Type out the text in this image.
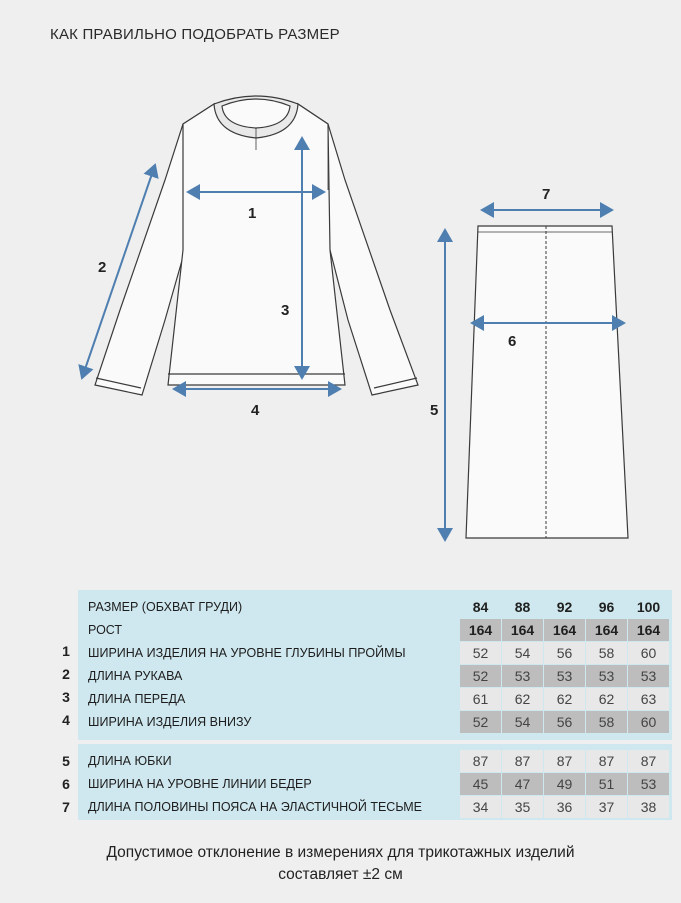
КАК ПРАВИЛЬНО ПОДОБРАТЬ РАЗМЕР
1
2
3
4	5
6
7
РАЗМЕР (ОБХВАТ ГРУДИ)	84	88	92	96	100
РОСТ	164	164	164	164	164
ШИРИНА ИЗДЕЛИЯ НА УРОВНЕ ГЛУБИНЫ ПРОЙМЫ	52	54	56	58	60
ДЛИНА РУКАВА	52	53	53	53	53
ДЛИНА ПЕРЕДА	61	62	62	62	63
ШИРИНА ИЗДЕЛИЯ ВНИЗУ	52	54	56	58	60
1
2
3
4
ДЛИНА ЮБКИ	87	87	87	87	87
ШИРИНА НА УРОВНЕ ЛИНИИ БЕДЕР	45	47	49	51	53
ДЛИНА ПОЛОВИНЫ ПОЯСА НА ЭЛАСТИЧНОЙ ТЕСЬМЕ	34	35	36	37	38
5
6
7
Допустимое отклонение в измерениях для трикотажных изделий
составляет ±2 см
